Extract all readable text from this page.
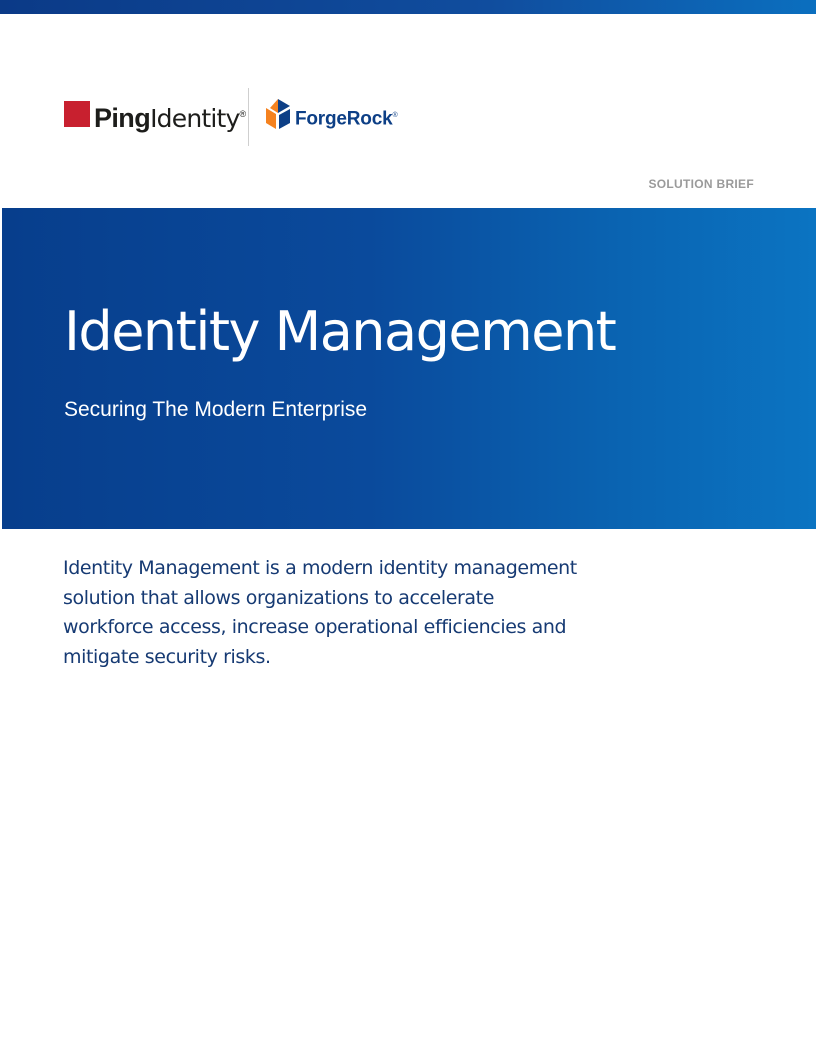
PingIdentity®	ForgeRock®
SOLUTION BRIEF
Identity Management
Securing The Modern Enterprise

Identity Management is a modern identity management solution that allows organizations to accelerate workforce access, increase operational efficiencies and mitigate security risks.
